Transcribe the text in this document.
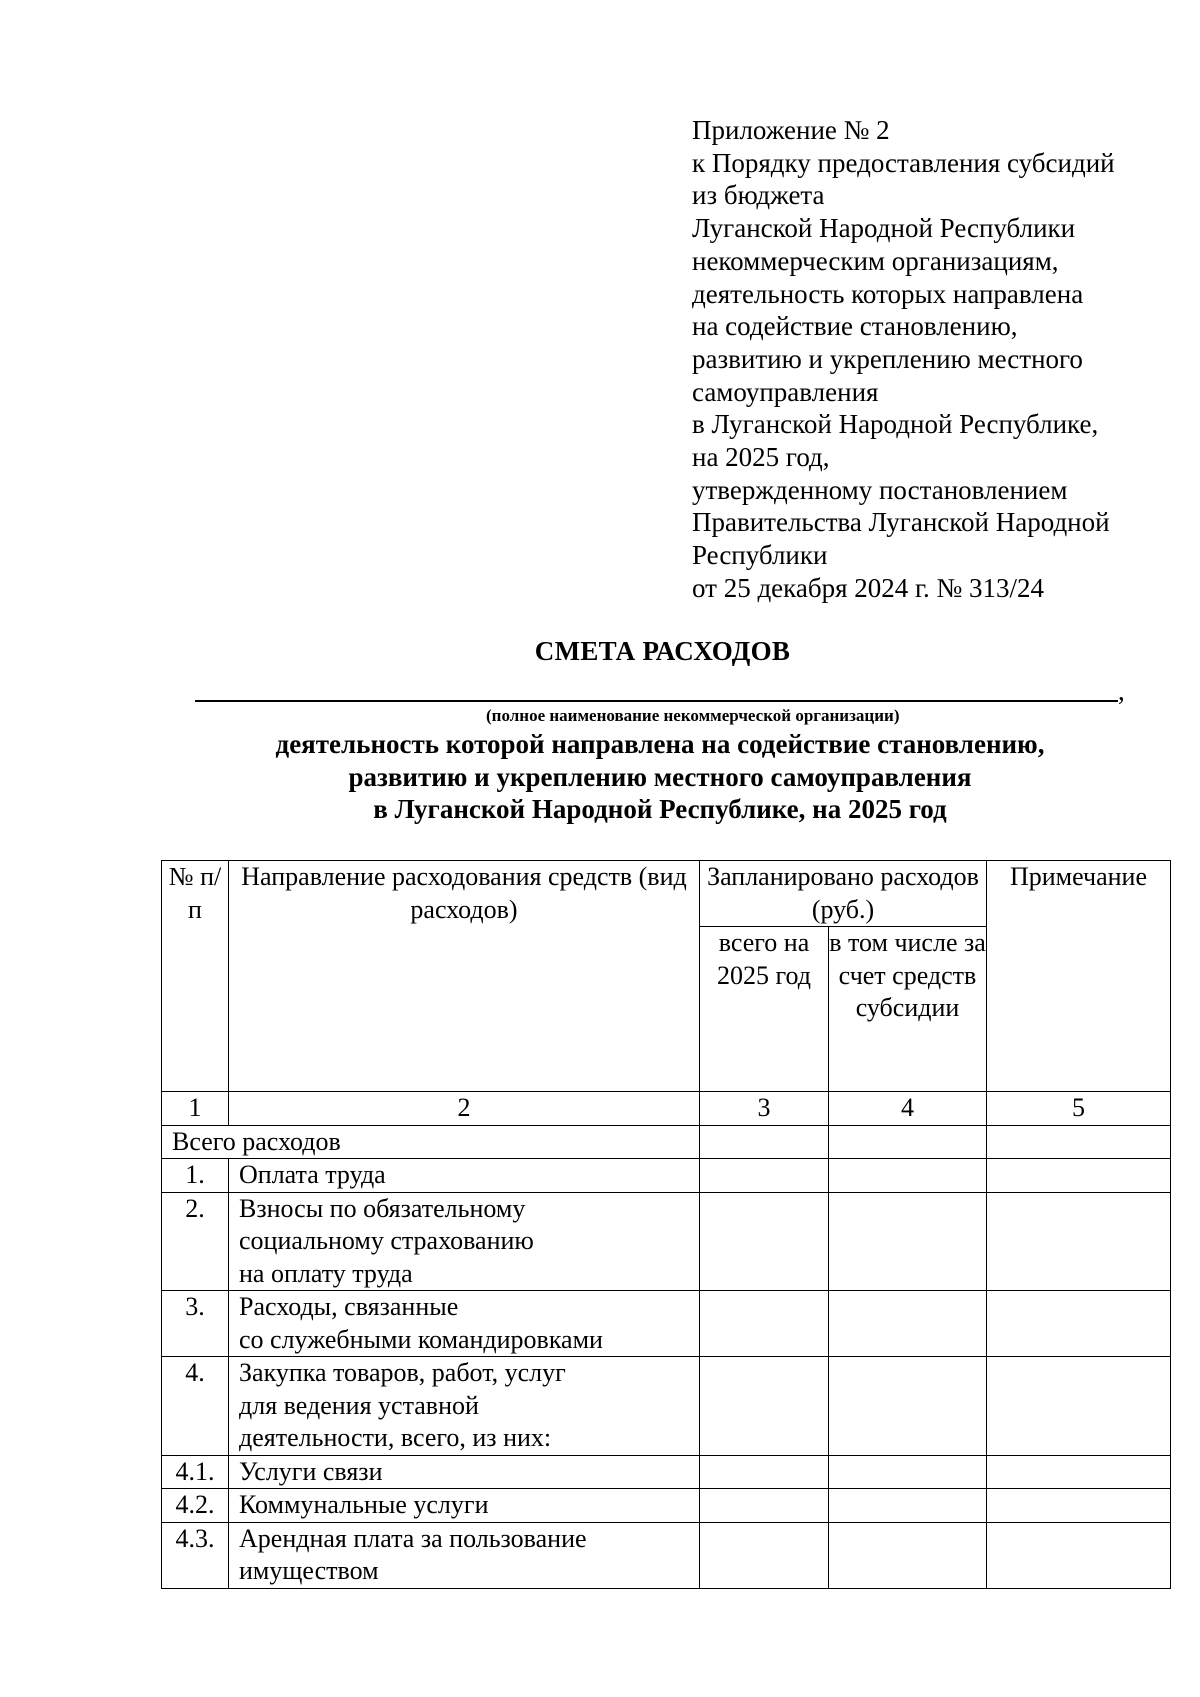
Приложение № 2
к Порядку предоставления субсидий
из бюджета
Луганской Народной Республики
некоммерческим организациям,
деятельность которых направлена
на содействие становлению,
развитию и укреплению местного
самоуправления
в Луганской Народной Республике,
на 2025 год,
утвержденному постановлением
Правительства Луганской Народной
Республики
от 25 декабря 2024 г. № 313/24
СМЕТА РАСХОДОВ
,
(полное наименование некоммерческой организации)
деятельность которой направлена на содействие становлению,
развитию и укреплению местного самоуправления
в Луганской Народной Республике, на 2025 год
№ п/п	Направление расходования средств (вид расходов)	Запланировано расходов (руб.)		Примечание
		всего на 2025 год	в том числе за счет средств субсидии	
1	2	3	4	5
Всего расходов				
1.	Оплата труда			

2.	Взносы по обязательному
социальному страхованию
на оплату труда			

3.	Расходы, связанные
со служебными командировками			

4.	Закупка товаров, работ, услуг
для ведения уставной
деятельности, всего, из них:			

4.1.	Услуги связи			

4.2.	Коммунальные услуги			

4.3.	Арендная плата за пользование
имуществом			
